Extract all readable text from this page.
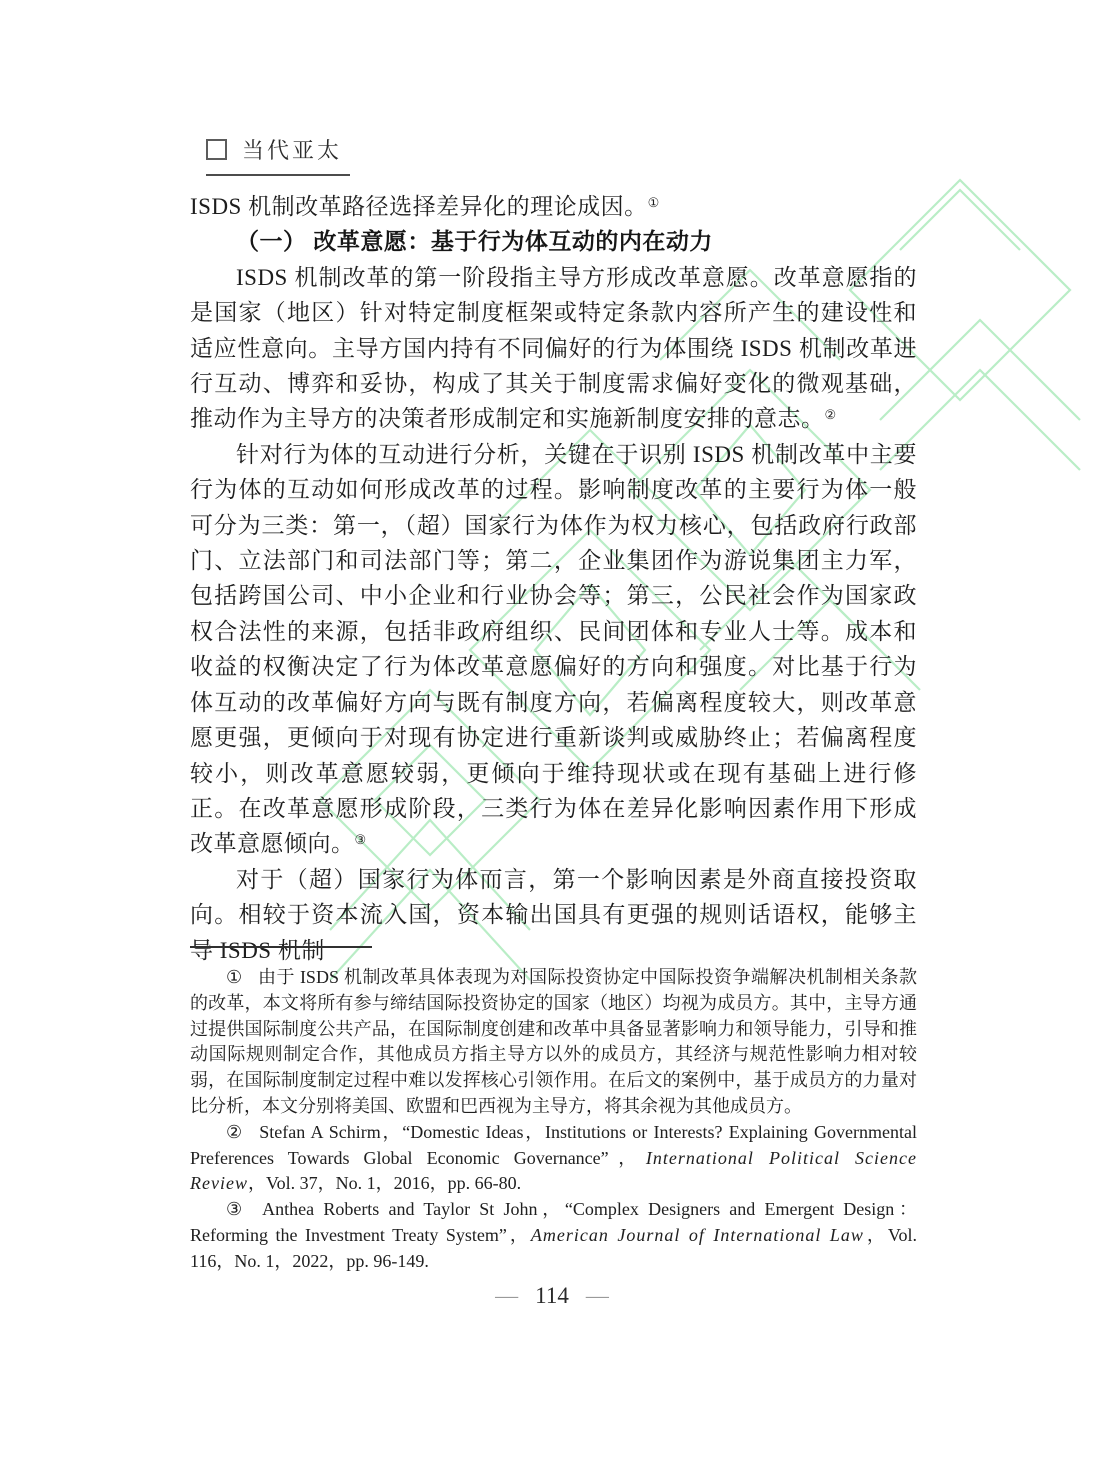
当代亚太

ISDS 机制改革路径选择差异化的理论成因。①

（一） 改革意愿：基于行为体互动的内在动力

ISDS 机制改革的第一阶段指主导方形成改革意愿。改革意愿指的是国家（地区）针对特定制度框架或特定条款内容所产生的建设性和适应性意向。主导方国内持有不同偏好的行为体围绕 ISDS 机制改革进行互动、博弈和妥协，构成了其关于制度需求偏好变化的微观基础，推动作为主导方的决策者形成制定和实施新制度安排的意志。②

针对行为体的互动进行分析，关键在于识别 ISDS 机制改革中主要行为体的互动如何形成改革的过程。影响制度改革的主要行为体一般可分为三类：第一，（超）国家行为体作为权力核心，包括政府行政部门、立法部门和司法部门等；第二，企业集团作为游说集团主力军，包括跨国公司、中小企业和行业协会等；第三，公民社会作为国家政权合法性的来源，包括非政府组织、民间团体和专业人士等。成本和收益的权衡决定了行为体改革意愿偏好的方向和强度。对比基于行为体互动的改革偏好方向与既有制度方向，若偏离程度较大，则改革意愿更强，更倾向于对现有协定进行重新谈判或威胁终止；若偏离程度较小，则改革意愿较弱，更倾向于维持现状或在现有基础上进行修正。在改革意愿形成阶段，三类行为体在差异化影响因素作用下形成改革意愿倾向。③

对于（超）国家行为体而言，第一个影响因素是外商直接投资取向。相较于资本流入国，资本输出国具有更强的规则话语权，能够主导 ISDS 机制

① 由于 ISDS 机制改革具体表现为对国际投资协定中国际投资争端解决机制相关条款的改革，本文将所有参与缔结国际投资协定的国家（地区）均视为成员方。其中，主导方通过提供国际制度公共产品，在国际制度创建和改革中具备显著影响力和领导能力，引导和推动国际规则制定合作，其他成员方指主导方以外的成员方，其经济与规范性影响力相对较弱，在国际制度制定过程中难以发挥核心引领作用。在后文的案例中，基于成员方的力量对比分析，本文分别将美国、欧盟和巴西视为主导方，将其余视为其他成员方。

② Stefan A Schirm，“Domestic Ideas，Institutions or Interests? Explaining Governmental Preferences Towards Global Economic Governance”，International Political Science Review，Vol. 37，No. 1，2016，pp. 66-80.

③ Anthea Roberts and Taylor St John，“Complex Designers and Emergent Design：Reforming the Investment Treaty System”，American Journal of International Law，Vol. 116，No. 1，2022，pp. 96-149.

— 114 —
